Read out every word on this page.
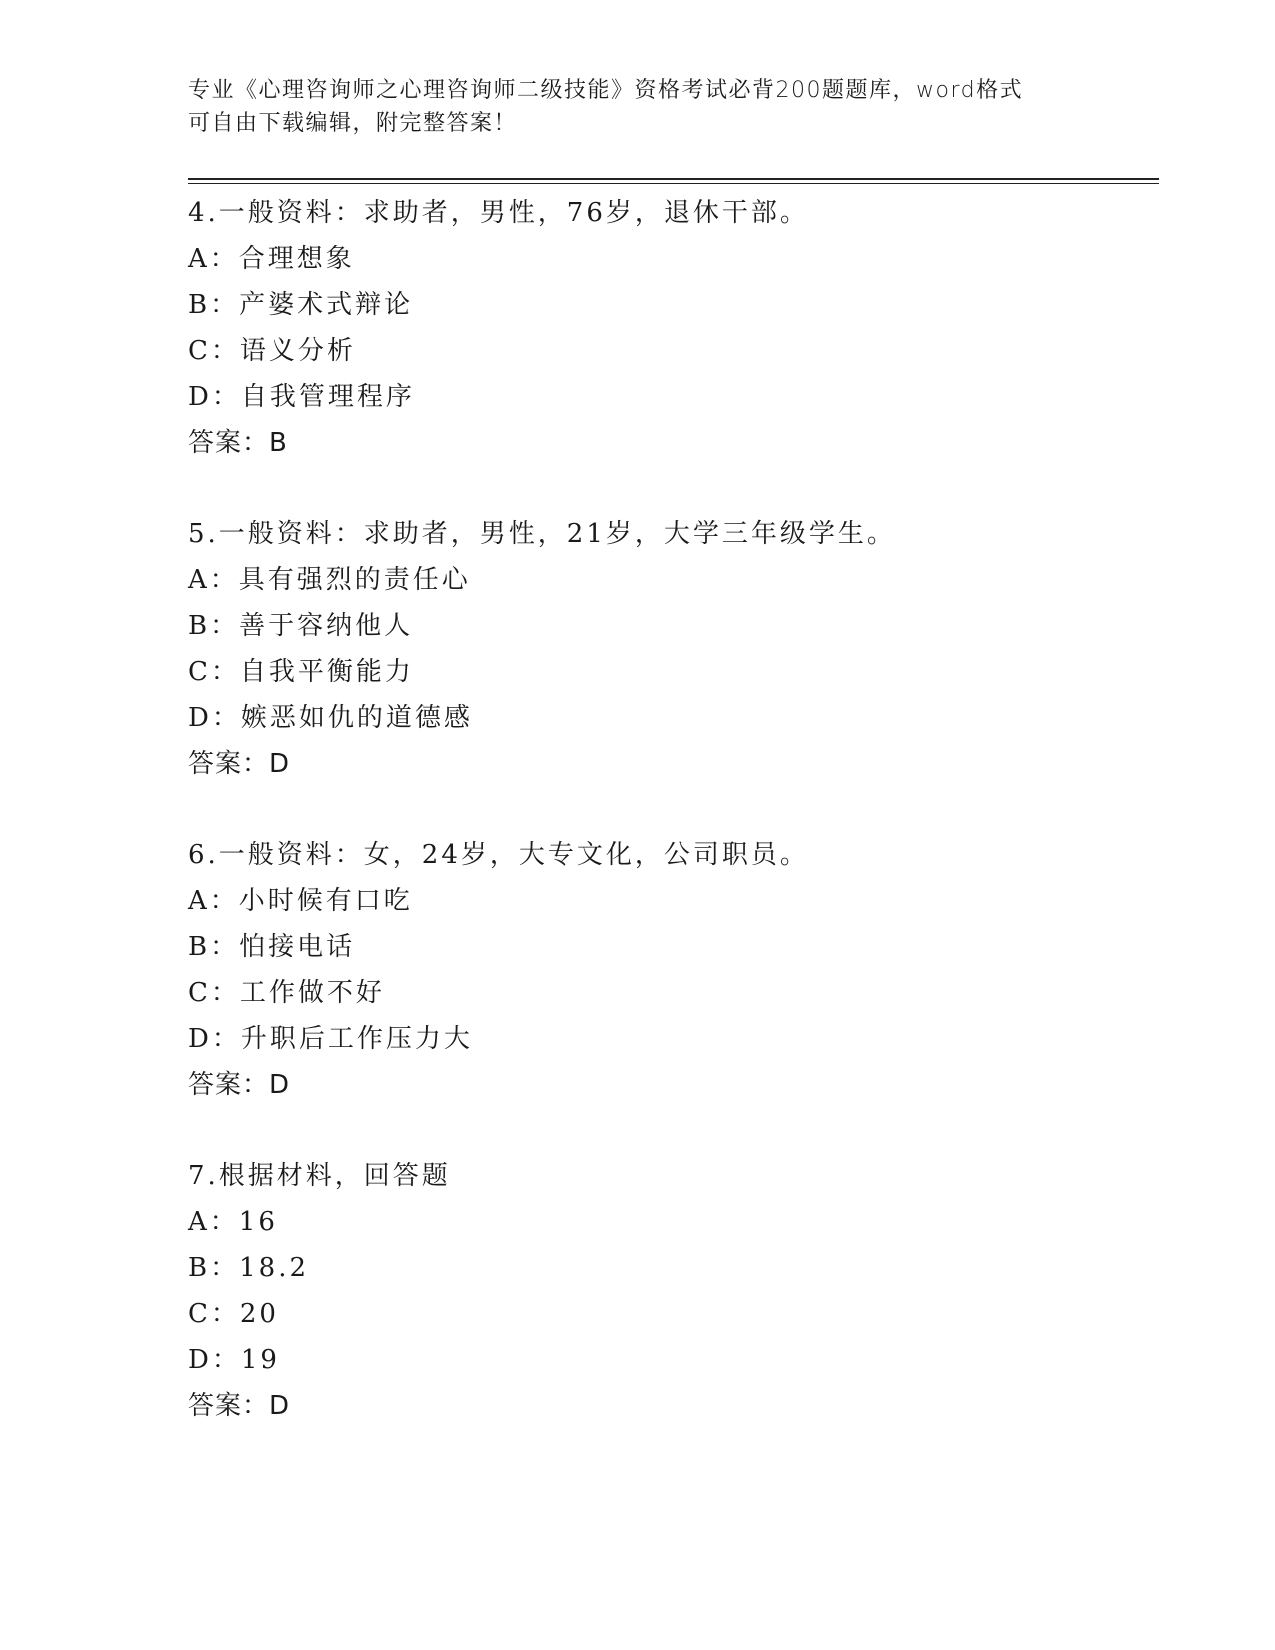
专业《心理咨询师之心理咨询师二级技能》资格考试必背200题题库，word格式
可自由下载编辑，附完整答案！
4.一般资料：求助者，男性，76岁，退休干部。
A：合理想象
B：产婆术式辩论
C：语义分析
D：自我管理程序
答案：B
5.一般资料：求助者，男性，21岁，大学三年级学生。
A：具有强烈的责任心
B：善于容纳他人
C：自我平衡能力
D：嫉恶如仇的道德感
答案：D
6.一般资料：女，24岁，大专文化，公司职员。
A：小时候有口吃
B：怕接电话
C：工作做不好
D：升职后工作压力大
答案：D
7.根据材料，回答题
A：16
B：18.2
C：20
D：19
答案：D
